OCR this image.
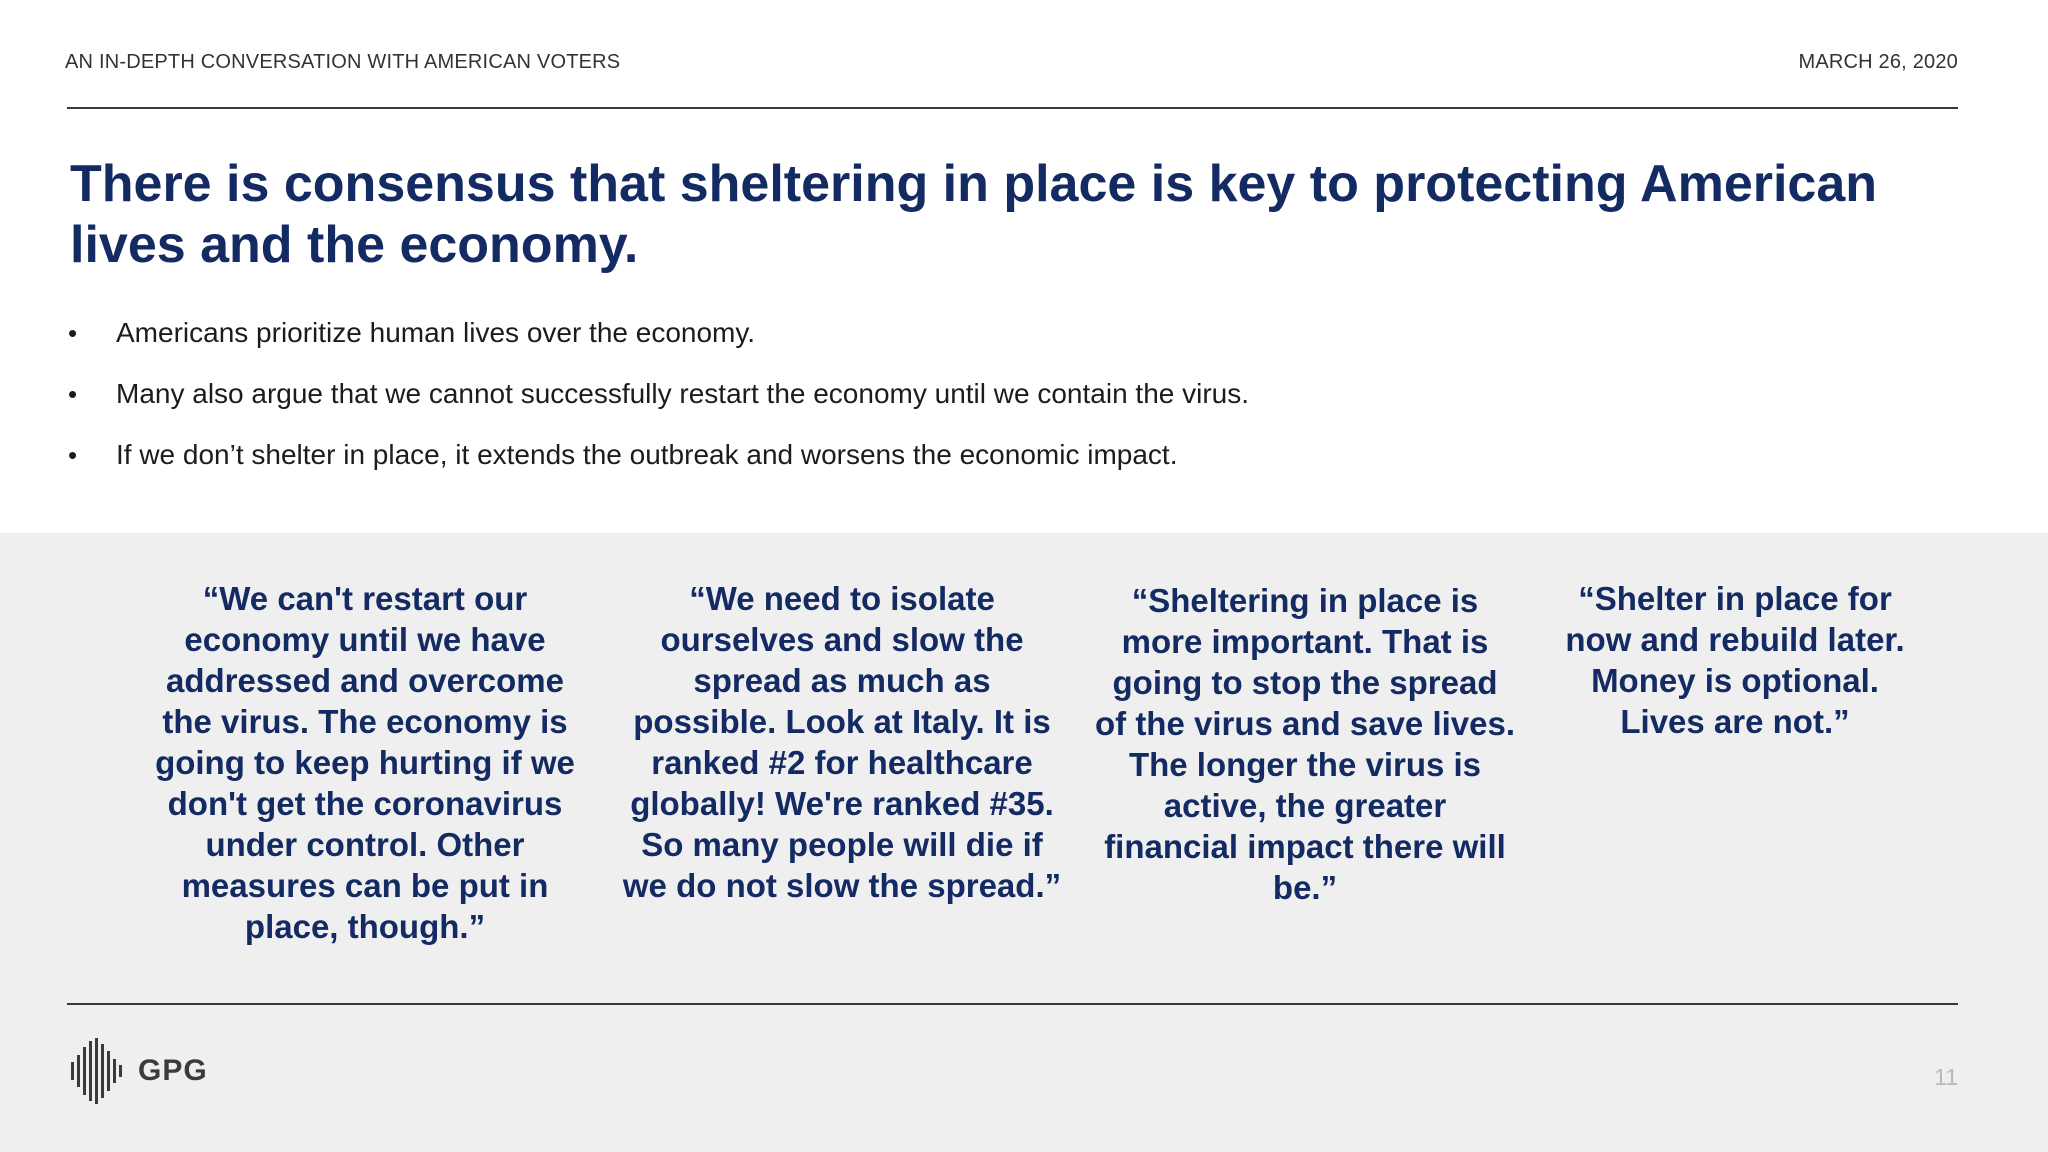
AN IN-DEPTH CONVERSATION WITH AMERICAN VOTERS	MARCH 26, 2020
There is consensus that sheltering in place is key to protecting American lives and the economy.
• Americans prioritize human lives over the economy.
• Many also argue that we cannot successfully restart the economy until we contain the virus.
• If we don’t shelter in place, it extends the outbreak and worsens the economic impact.

“We can't restart our economy until we have addressed and overcome the virus. The economy is going to keep hurting if we don't get the coronavirus under control. Other measures can be put in place, though.”

“We need to isolate ourselves and slow the spread as much as possible. Look at Italy. It is ranked #2 for healthcare globally! We're ranked #35. So many people will die if we do not slow the spread.”

“Sheltering in place is more important. That is going to stop the spread of the virus and save lives. The longer the virus is active, the greater financial impact there will be.”

“Shelter in place for now and rebuild later. Money is optional. Lives are not.”

GPG	11
